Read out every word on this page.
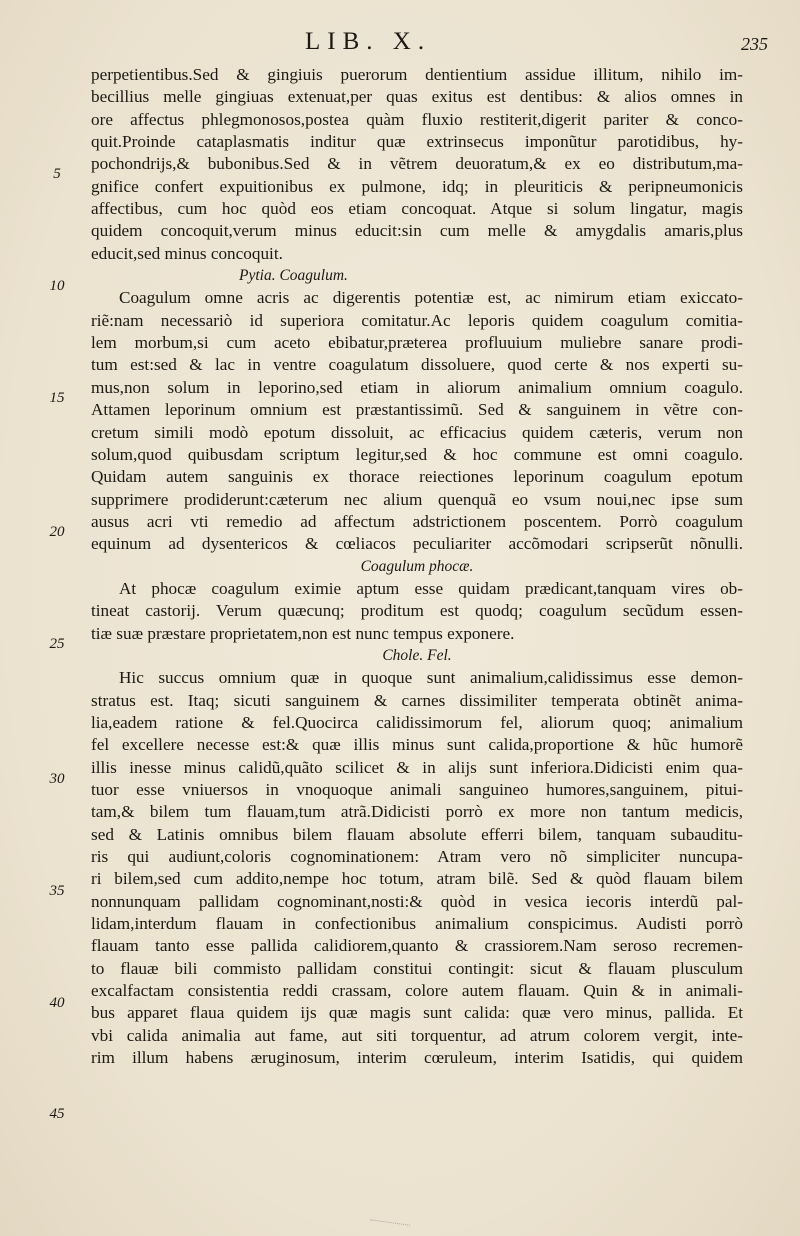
LIB. X.	235
5
10
15
20
25
30
35
40
45
perpetientibus.Sed & gingiuis puerorum dentientium assidue illitum, nihilo im-
becillius melle gingiuas extenuat,per quas exitus est dentibus: & alios omnes in
ore affectus phlegmonosos,postea quàm fluxio restiterit,digerit pariter & conco-
quit.Proinde cataplasmatis inditur quæ extrinsecus imponũtur parotidibus, hy-
pochondrijs,& bubonibus.Sed & in vẽtrem deuoratum,& ex eo distributum,ma-
gnifice confert expuitionibus ex pulmone, idq; in pleuriticis & peripneumonicis
affectibus, cum hoc quòd eos etiam concoquat. Atque si solum lingatur, magis
quidem concoquit,verum minus educit:sin cum melle & amygdalis amaris,plus
educit,sed minus concoquit.
Pytia. Coagulum.
Coagulum omne acris ac digerentis potentiæ est, ac nimirum etiam exiccato-
riẽ:nam necessariò id superiora comitatur.Ac leporis quidem coagulum comitia-
lem morbum,si cum aceto ebibatur,præterea profluuium muliebre sanare prodi-
tum est:sed & lac in ventre coagulatum dissoluere, quod certe & nos experti su-
mus,non solum in leporino,sed etiam in aliorum animalium omnium coagulo.
Attamen leporinum omnium est præstantissimũ. Sed & sanguinem in vẽtre con-
cretum simili modò epotum dissoluit, ac efficacius quidem cæteris, verum non
solum,quod quibusdam scriptum legitur,sed & hoc commune est omni coagulo.
Quidam autem sanguinis ex thorace reiectiones leporinum coagulum epotum
supprimere prodiderunt:cæterum nec alium quenquã eo vsum noui,nec ipse sum
ausus acri vti remedio ad affectum adstrictionem poscentem. Porrò coagulum
equinum ad dysentericos & cœliacos peculiariter accõmodari scripserũt nõnulli.
Coagulum phocæ.
At phocæ coagulum eximie aptum esse quidam prædicant,tanquam vires ob-
tineat castorij. Verum quæcunq; proditum est quodq; coagulum secũdum essen-
tiæ suæ præstare proprietatem,non est nunc tempus exponere.
Chole. Fel.
Hic succus omnium quæ in quoque sunt animalium,calidissimus esse demon-
stratus est. Itaq; sicuti sanguinem & carnes dissimiliter temperata obtinẽt anima-
lia,eadem ratione & fel.Quocirca calidissimorum fel, aliorum quoq; animalium
fel excellere necesse est:& quæ illis minus sunt calida,proportione & hũc humorẽ
illis inesse minus calidũ,quãto scilicet & in alijs sunt inferiora.Didicisti enim qua-
tuor esse vniuersos in vnoquoque animali sanguineo humores,sanguinem, pitui-
tam,& bilem tum flauam,tum atrã.Didicisti porrò ex more non tantum medicis,
sed & Latinis omnibus bilem flauam absolute efferri bilem, tanquam subauditu-
ris qui audiunt,coloris cognominationem: Atram vero nõ simpliciter nuncupa-
ri bilem,sed cum addito,nempe hoc totum, atram bilẽ. Sed & quòd flauam bilem
nonnunquam pallidam cognominant,nosti:& quòd in vesica iecoris interdũ pal-
lidam,interdum flauam in confectionibus animalium conspicimus. Audisti porrò
flauam tanto esse pallida calidiorem,quanto & crassiorem.Nam seroso recremen-
to flauæ bili commisto pallidam constitui contingit: sicut & flauam plusculum
excalfactam consistentia reddi crassam, colore autem flauam. Quin & in animali-
bus apparet flaua quidem ijs quæ magis sunt calida: quæ vero minus, pallida. Et
vbi calida animalia aut fame, aut siti torquentur, ad atrum colorem vergit, inte-
rim illum habens æruginosum, interim cœruleum, interim Isatidis, qui quidem
